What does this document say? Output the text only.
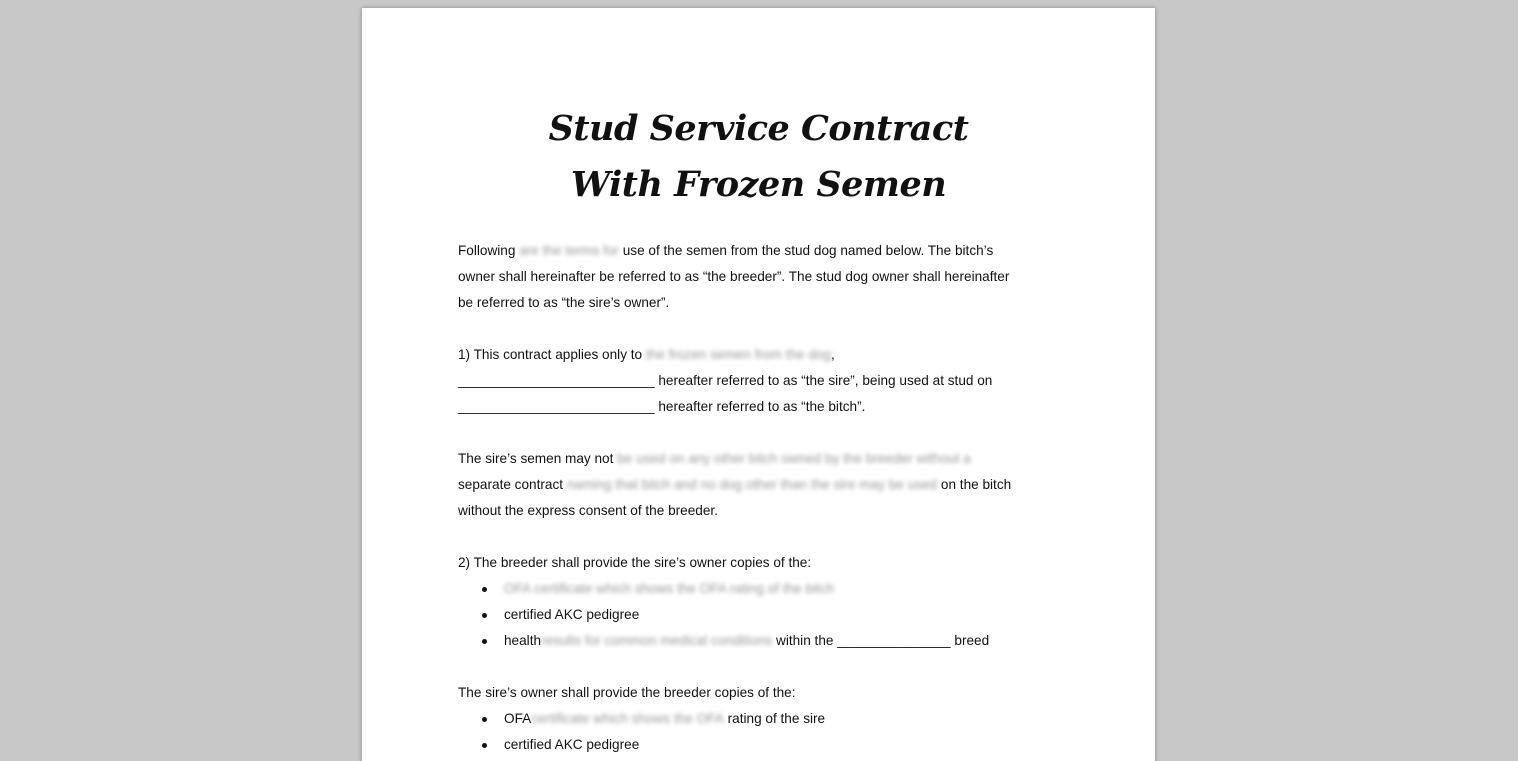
Stud Service Contract
With Frozen Semen
Following are the terms for use of the semen from the stud dog named below. The bitch’s
owner shall hereinafter be referred to as “the breeder”. The stud dog owner shall hereinafter
be referred to as “the sire’s owner”.
1) This contract applies only to the frozen semen from the dog,
__________________________ hereafter referred to as “the sire”, being used at stud on
__________________________ hereafter referred to as “the bitch”.
The sire’s semen may not be used on any other bitch owned by the breeder without a
separate contract naming that bitch and no dog other than the sire may be used on the bitch
without the express consent of the breeder.
2) The breeder shall provide the sire’s owner copies of the:
OFA certificate which shows the OFA rating of the bitch
certified AKC pedigree
health results for common medical conditions within the _______________ breed
The sire’s owner shall provide the breeder copies of the:
OFA certificate which shows the OFA rating of the sire
certified AKC pedigree
